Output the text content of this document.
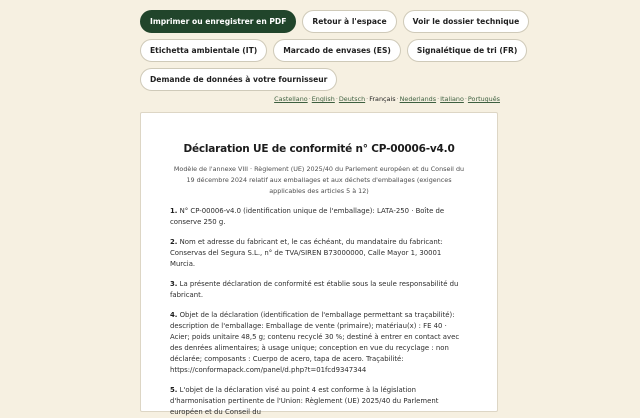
Imprimer ou enregistrer en PDF	Retour à l'espace	Voir le dossier technique
Etichetta ambientale (IT)	Marcado de envases (ES)	Signalétique de tri (FR)
Demande de données à votre fournisseur
Castellano·English·Deutsch·Français·Nederlands·Italiano·Português
Déclaration UE de conformité n° CP-00006-v4.0

Modèle de l'annexe VIII · Règlement (UE) 2025/40 du Parlement européen et du Conseil du 19 décembre 2024 relatif aux emballages et aux déchets d'emballages (exigences applicables des articles 5 à 12)

1. N° CP-00006-v4.0 (identification unique de l'emballage): LATA-250 · Boîte de conserve 250 g.
2. Nom et adresse du fabricant et, le cas échéant, du mandataire du fabricant: Conservas del Segura S.L., n° de TVA/SIREN B73000000, Calle Mayor 1, 30001 Murcia.
3. La présente déclaration de conformité est établie sous la seule responsabilité du fabricant.
4. Objet de la déclaration (identification de l'emballage permettant sa traçabilité): description de l'emballage: Emballage de vente (primaire); matériau(x) : FE 40 · Acier; poids unitaire 48,5 g; contenu recyclé 30 %; destiné à entrer en contact avec des denrées alimentaires; à usage unique; conception en vue du recyclage : non déclarée; composants : Cuerpo de acero, tapa de acero. Traçabilité: https://conformapack.com/panel/d.php?t=01fcd9347344
5. L'objet de la déclaration visé au point 4 est conforme à la législation d'harmonisation pertinente de l'Union: Règlement (UE) 2025/40 du Parlement européen et du Conseil du
